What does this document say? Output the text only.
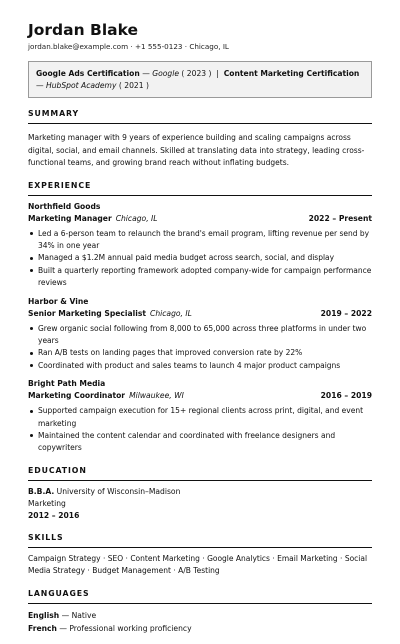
Jordan Blake
jordan.blake@example.com · +1 555-0123 · Chicago, IL
Google Ads Certification — Google ( 2023 )  |  Content Marketing Certification — HubSpot Academy ( 2021 )
SUMMARY
Marketing manager with 9 years of experience building and scaling campaigns across digital, social, and email channels. Skilled at translating data into strategy, leading cross-functional teams, and growing brand reach without inflating budgets.
EXPERIENCE
Northfield Goods
Marketing Manager Chicago, IL	2022 – Present
Led a 6-person team to relaunch the brand's email program, lifting revenue per send by 34% in one year
Managed a $1.2M annual paid media budget across search, social, and display
Built a quarterly reporting framework adopted company-wide for campaign performance reviews
Harbor & Vine
Senior Marketing Specialist Chicago, IL	2019 – 2022
Grew organic social following from 8,000 to 65,000 across three platforms in under two years
Ran A/B tests on landing pages that improved conversion rate by 22%
Coordinated with product and sales teams to launch 4 major product campaigns
Bright Path Media
Marketing Coordinator Milwaukee, WI	2016 – 2019
Supported campaign execution for 15+ regional clients across print, digital, and event marketing
Maintained the content calendar and coordinated with freelance designers and copywriters
EDUCATION
B.B.A. University of Wisconsin–Madison
Marketing
2012 – 2016
SKILLS
Campaign Strategy · SEO · Content Marketing · Google Analytics · Email Marketing · Social Media Strategy · Budget Management · A/B Testing
LANGUAGES
English — Native
French — Professional working proficiency
